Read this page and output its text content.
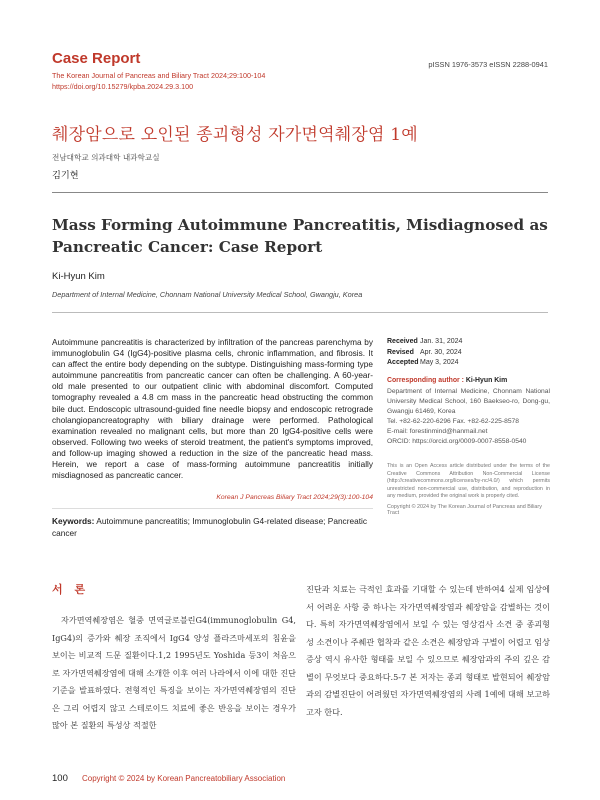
Case Report
The Korean Journal of Pancreas and Biliary Tract 2024;29:100-104
https://doi.org/10.15279/kpba.2024.29.3.100
pISSN 1976-3573 eISSN 2288-0941
췌장암으로 오인된 종괴형성 자가면역췌장염 1예
전남대학교 의과대학 내과학교실
김기현
Mass Forming Autoimmune Pancreatitis, Misdiagnosed as Pancreatic Cancer: Case Report
Ki-Hyun Kim
Department of Internal Medicine, Chonnam National University Medical School, Gwangju, Korea
Autoimmune pancreatitis is characterized by infiltration of the pancreas parenchyma by immunoglobulin G4 (IgG4)-positive plasma cells, chronic inflammation, and fibrosis. It can affect the entire body depending on the subtype. Distinguishing mass-forming type autoimmune pancreatitis from pancreatic cancer can often be challenging. A 60-year-old male presented to our outpatient clinic with abdominal discomfort. Computed tomography revealed a 4.8 cm mass in the pancreatic head obstructing the common bile duct. Endoscopic ultrasound-guided fine needle biopsy and endoscopic retrograde cholangiopancreatography with biliary drainage were performed. Pathological examination revealed no malignant cells, but more than 20 IgG4-positive cells were observed. Following two weeks of steroid treatment, the patient's symptoms improved, and follow-up imaging showed a reduction in the size of the pancreatic head mass. Herein, we report a case of mass-forming autoimmune pancreatitis initially misdiagnosed as pancreatic cancer.
Korean J Pancreas Biliary Tract 2024;29(3):100-104
Keywords: Autoimmune pancreatitis; Immunoglobulin G4-related disease; Pancreatic cancer
Received Jan. 31, 2024
Revised Apr. 30, 2024
AcceptedMay 3, 2024
Corresponding author : Ki-Hyun Kim
Department of Internal Medicine, Chonnam National University Medical School, 160 Baekseo-ro, Dong-gu, Gwangju 61469, Korea
Tel. +82-62-220-6296 Fax. +82-62-225-8578
E-mail: forestinmind@hanmail.net
ORCID: https://orcid.org/0009-0007-8558-0540
This is an Open Access article distributed under the terms of the Creative Commons Attribution Non-Commercial License (http://creativecommons.org/licenses/by-nc/4.0/) which permits unrestricted non-commercial use, distribution, and reproduction in any medium, provided the original work is properly cited.
Copyright © 2024 by The Korean Journal of Pancreas and Biliary Tract
서 론
자가면역췌장염은 혈중 면역글로블린G4(immunoglobulin G4, IgG4)의 증가와 췌장 조직에서 IgG4 양성 플라즈마세포의 침윤을 보이는 비교적 드문 질환이다.1,2 1995년도 Yoshida 등3이 처음으로 자가면역췌장염에 대해 소개한 이후 여러 나라에서 이에 대한 진단 기준을 발표하였다. 전형적인 특징을 보이는 자가면역췌장염의 진단은 그리 어렵지 않고 스테로이드 치료에 좋은 반응을 보이는 경우가 많아 본 질환의 특성상 적절한
진단과 치료는 극적인 효과를 기대할 수 있는데 반하여4 실제 임상에서 어려운 사항 중 하나는 자가면역췌장염과 췌장암을 감별하는 것이다. 특히 자가면역췌장염에서 보일 수 있는 영상검사 소견 중 종괴형성 소견이나 주췌관 협착과 같은 소견은 췌장암과 구별이 어렵고 임상 증상 역시 유사한 형태를 보일 수 있으므로 췌장암과의 주의 깊은 감별이 무엇보다 중요하다.5-7 본 저자는 종괴 형태로 발현되어 췌장암과의 감별진단이 어려웠던 자가면역췌장염의 사례 1예에 대해 보고하고자 한다.
100 Copyright © 2024 by Korean Pancreatobiliary Association
